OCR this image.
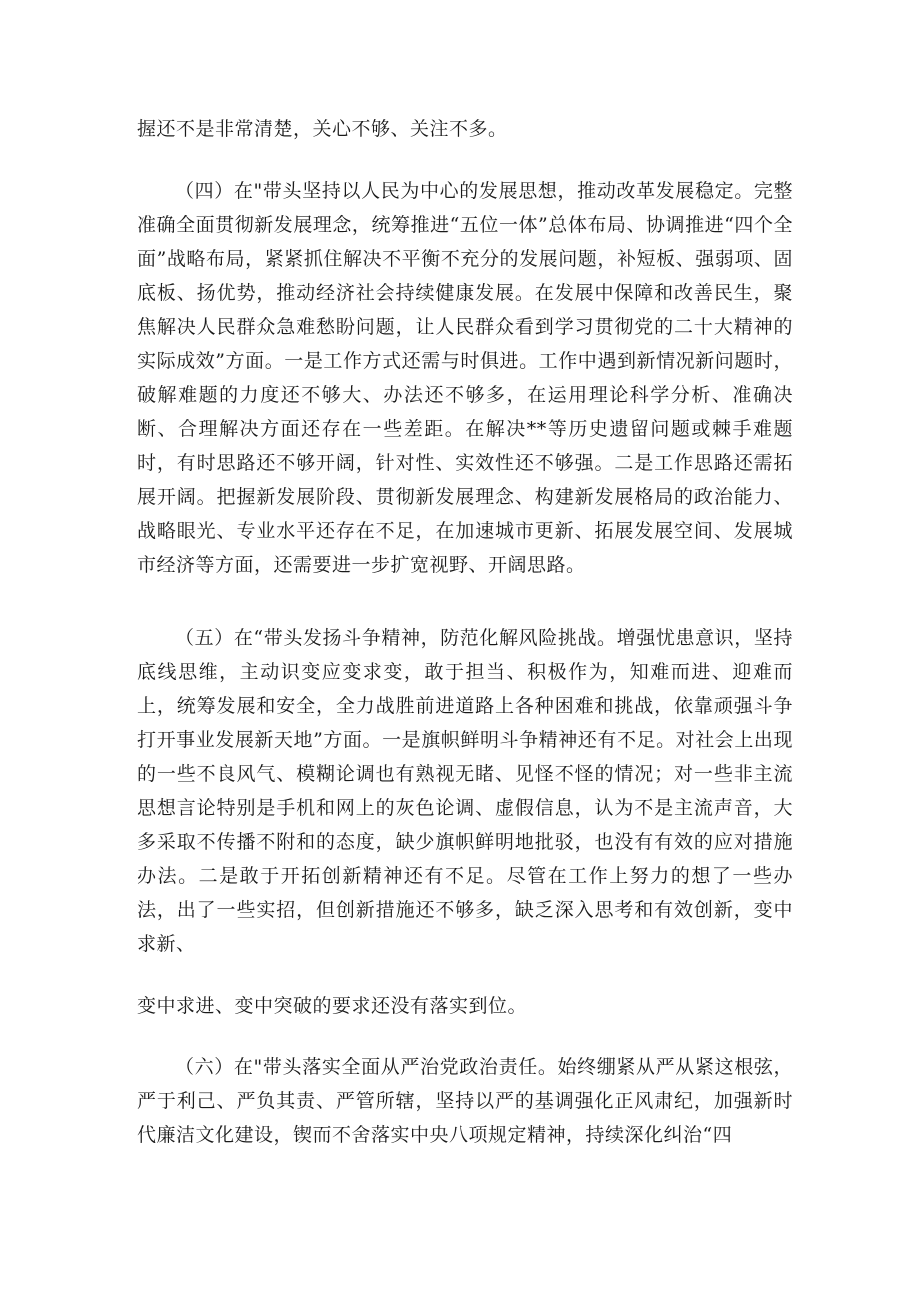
握还不是非常清楚，关心不够、关注不多。

（四）在"带头坚持以人民为中心的发展思想，推动改革发展稳定。完整准确全面贯彻新发展理念，统筹推进“五位一体”总体布局、协调推进“四个全面”战略布局，紧紧抓住解决不平衡不充分的发展问题，补短板、强弱项、固底板、扬优势，推动经济社会持续健康发展。在发展中保障和改善民生，聚焦解决人民群众急难愁盼问题，让人民群众看到学习贯彻党的二十大精神的实际成效”方面。一是工作方式还需与时俱进。工作中遇到新情况新问题时，破解难题的力度还不够大、办法还不够多，在运用理论科学分析、准确决断、合理解决方面还存在一些差距。在解决**等历史遗留问题或棘手难题时，有时思路还不够开阔，针对性、实效性还不够强。二是工作思路还需拓展开阔。把握新发展阶段、贯彻新发展理念、构建新发展格局的政治能力、战略眼光、专业水平还存在不足，在加速城市更新、拓展发展空间、发展城市经济等方面，还需要进一步扩宽视野、开阔思路。

（五）在“带头发扬斗争精神，防范化解风险挑战。增强忧患意识，坚持底线思维，主动识变应变求变，敢于担当、积极作为，知难而进、迎难而上，统筹发展和安全，全力战胜前进道路上各种困难和挑战，依靠顽强斗争打开事业发展新天地”方面。一是旗帜鲜明斗争精神还有不足。对社会上出现的一些不良风气、模糊论调也有熟视无睹、见怪不怪的情况；对一些非主流思想言论特别是手机和网上的灰色论调、虚假信息，认为不是主流声音，大多采取不传播不附和的态度，缺少旗帜鲜明地批驳，也没有有效的应对措施办法。二是敢于开拓创新精神还有不足。尽管在工作上努力的想了一些办法，出了一些实招，但创新措施还不够多，缺乏深入思考和有效创新，变中求新、

变中求进、变中突破的要求还没有落实到位。

（六）在"带头落实全面从严治党政治责任。始终绷紧从严从紧这根弦，严于利己、严负其责、严管所辖，坚持以严的基调强化正风肃纪，加强新时代廉洁文化建设，锲而不舍落实中央八项规定精神，持续深化纠治“四
